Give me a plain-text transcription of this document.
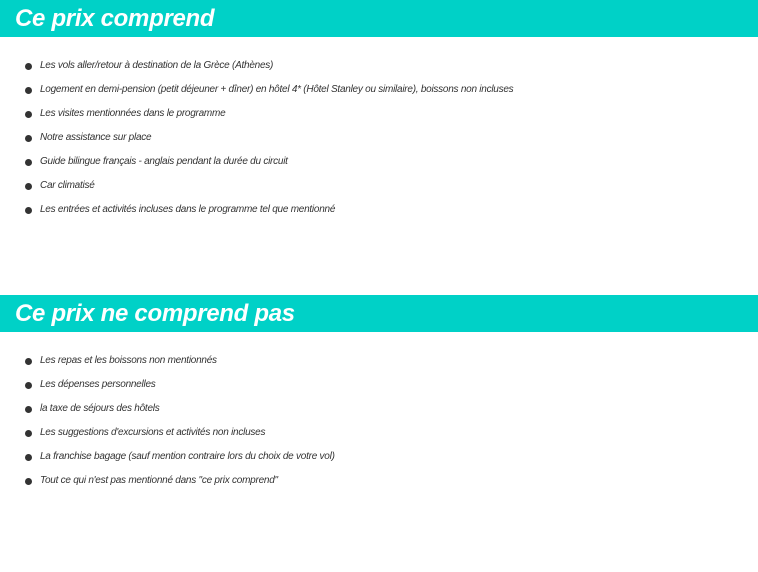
Ce prix comprend
Les vols aller/retour à destination de la Grèce (Athènes)
Logement en demi-pension (petit déjeuner + dîner) en hôtel 4* (Hôtel Stanley ou similaire), boissons non incluses
Les visites mentionnées dans le programme
Notre assistance sur place
Guide bilingue français - anglais pendant la durée du circuit
Car climatisé
Les entrées et activités incluses dans le programme tel que mentionné
Ce prix ne comprend pas
Les repas et les boissons non mentionnés
Les dépenses personnelles
la taxe de séjours des hôtels
Les suggestions d'excursions et activités non incluses
La franchise bagage (sauf mention contraire lors du choix de votre vol)
Tout ce qui n'est pas mentionné dans "ce prix comprend"
